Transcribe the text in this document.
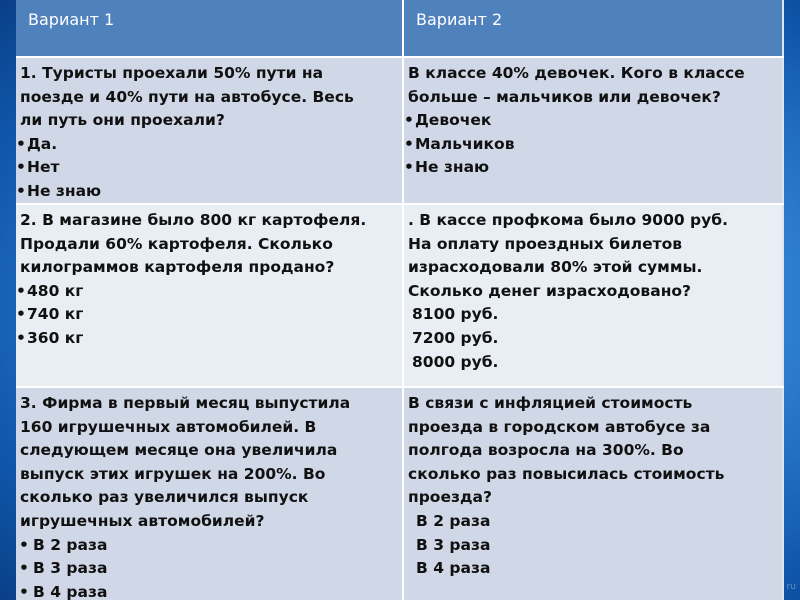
Вариант 1	Вариант 2
1. Туристы проехали 50% пути на
поезде и 40% пути на автобусе. Весь
ли путь они проехали?
•Да.
•Нет
•Не знаю
В классе 40% девочек. Кого в классе
больше – мальчиков или девочек?
•Девочек
•Мальчиков
•Не знаю
2. В магазине было 800 кг картофеля.
Продали 60% картофеля. Сколько
килограммов картофеля продано?
•480 кг
•740 кг
•360 кг
. В кассе профкома было 9000 руб.
На оплату проездных билетов
израсходовали 80% этой суммы.
Сколько денег израсходовано?
8100 руб.
7200 руб.
8000 руб.
3. Фирма в первый месяц выпустила
160 игрушечных автомобилей. В
следующем месяце она увеличила
выпуск этих игрушек на 200%. Во
сколько раз увеличился выпуск
игрушечных автомобилей?
• В 2 раза
• В 3 раза
• В 4 раза
В связи с инфляцией стоимость
проезда в городском автобусе за
полгода возросла на 300%. Во
сколько раз повысилась стоимость
проезда?
В 2 раза
В 3 раза
В 4 раза
ru
